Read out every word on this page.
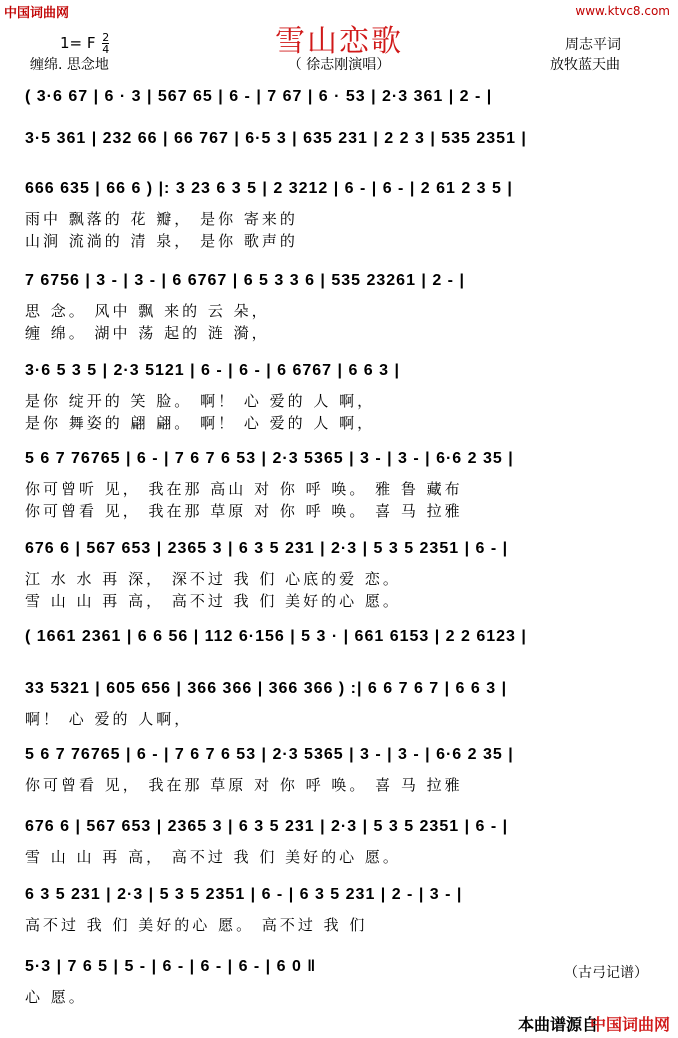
中国词曲网	www.ktvc8.com
雪山恋歌
1= F $\frac{2}{4}$
缠绵. 思念地	（ 徐志刚演唱）
周志平词
放牧蓝天曲
( 3·6 67 | 6 · 3 | 567 65 | 6 - | 7 67 | 6 · 53 | 2·3 361 | 2 - |
3·5 361 | 232 66 | 66 767 | 6·5 3 | 635 231 | 2 2 3 | 535 2351 |
666 635 | 66 6 ) |: 3 23 6 3 5 | 2 3212 | 6 - | 6 - | 2 61 2 3 5 |
雨中 飘落的 花 瓣， 是你 寄来的
山涧 流淌的 清 泉， 是你 歌声的
7 6756 | 3 - | 3 - | 6 6767 | 6 5 3 3 6 | 535 23261 | 2 - |
思 念。 风中 飘 来的 云 朵，
缠 绵。 湖中 荡 起的 涟 漪，
3·6 5 3 5 | 2·3 5121 | 6 - | 6 - | 6 6767 | 6 6 3 |
是你 绽开的 笑 脸。 啊！ 心 爱的 人 啊，
是你 舞姿的 翩 翩。 啊！ 心 爱的 人 啊，
5 6 7 76765 | 6 - | 7 6 7 6 53 | 2·3 5365 | 3 - | 3 - | 6·6 2 35 |
你可曾听 见， 我在那 高山 对 你 呼 唤。 雅 鲁 藏布
你可曾看 见， 我在那 草原 对 你 呼 唤。 喜 马 拉雅
676 6 | 567 653 | 2365 3 | 6 3 5 231 | 2·3 | 5 3 5 2351 | 6 - |
江 水 水 再 深， 深不过 我 们 心底的爱 恋。
雪 山 山 再 高， 高不过 我 们 美好的心 愿。
( 1661 2361 | 6 6 56 | 112 6·156 | 5 3 · | 661 6153 | 2 2 6123 |
33 5321 | 605 656 | 366 366 | 366 366 ) :| 6 6 7 6 7 | 6 6 3 |
啊！ 心 爱的 人啊，
5 6 7 76765 | 6 - | 7 6 7 6 53 | 2·3 5365 | 3 - | 3 - | 6·6 2 35 |
你可曾看 见， 我在那 草原 对 你 呼 唤。 喜 马 拉雅
676 6 | 567 653 | 2365 3 | 6 3 5 231 | 2·3 | 5 3 5 2351 | 6 - |
雪 山 山 再 高， 高不过 我 们 美好的心 愿。
6 3 5 231 | 2·3 | 5 3 5 2351 | 6 - | 6 3 5 231 | 2 - | 3 - |
高不过 我 们 美好的心 愿。 高不过 我 们
5·3 | 7 6 5 | 5 - | 6 - | 6 - | 6 - | 6 0 ‖
心 愿。
（古弓记谱）
本曲谱源自
中国词曲网
